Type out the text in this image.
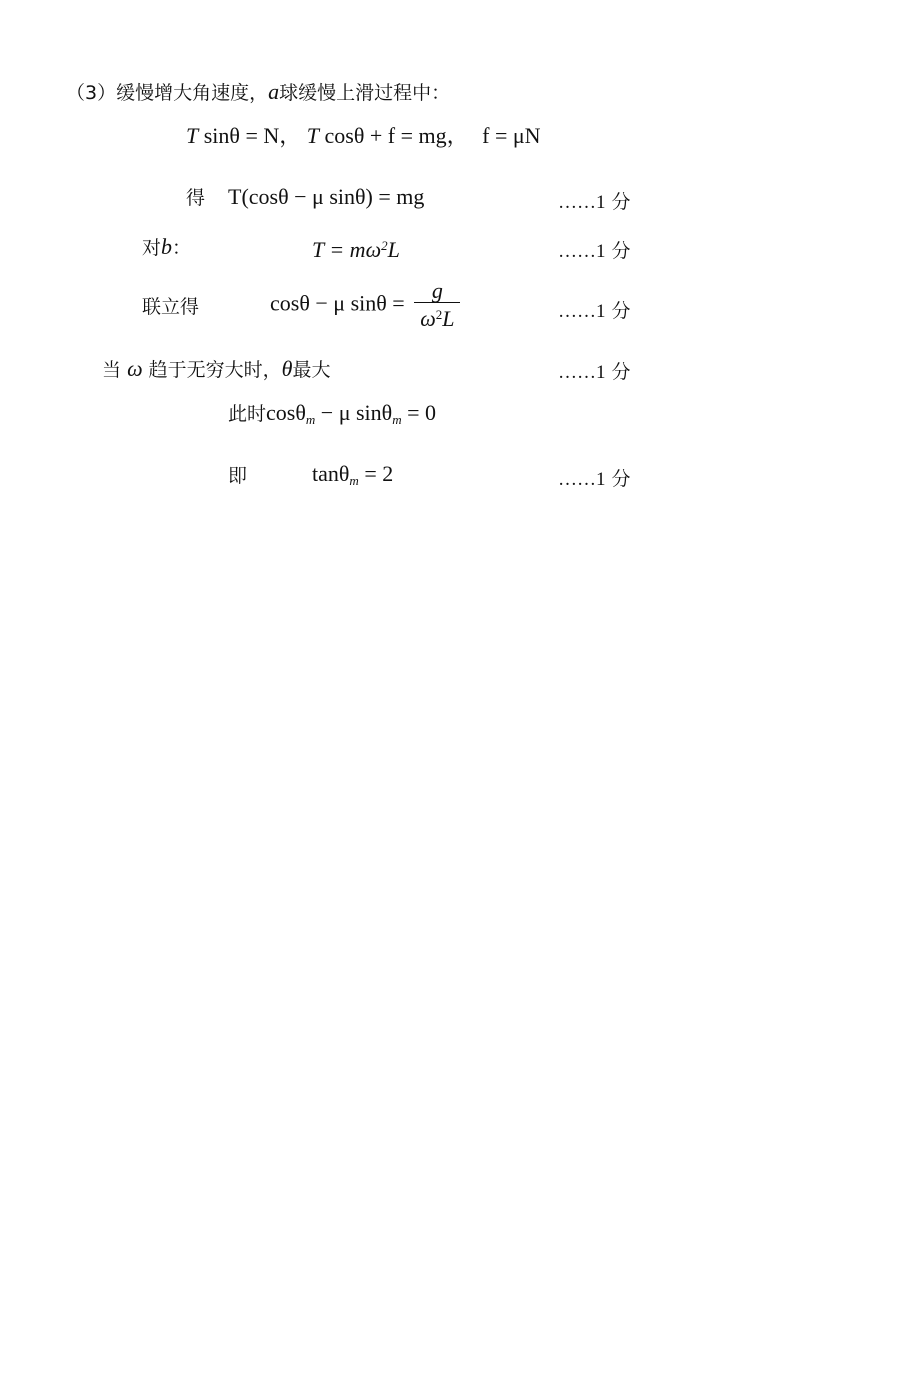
（3）缓慢增大角速度，a球缓慢上滑过程中：
T sinθ = N， T cosθ + f = mg， f = μN
得 T(cosθ − μ sinθ) = mg	……1 分
对b：	$T = m\omega^2L$	……1 分
联立得	cosθ − μ $\sin\theta = \frac{g}{\omega^2L}$	……1 分
当 ω 趋于无穷大时，θ最大	……1 分
此时cosθ$_m$ − μ sinθ$_m$ = 0
即	tanθ$_m$ = 2	……1 分
